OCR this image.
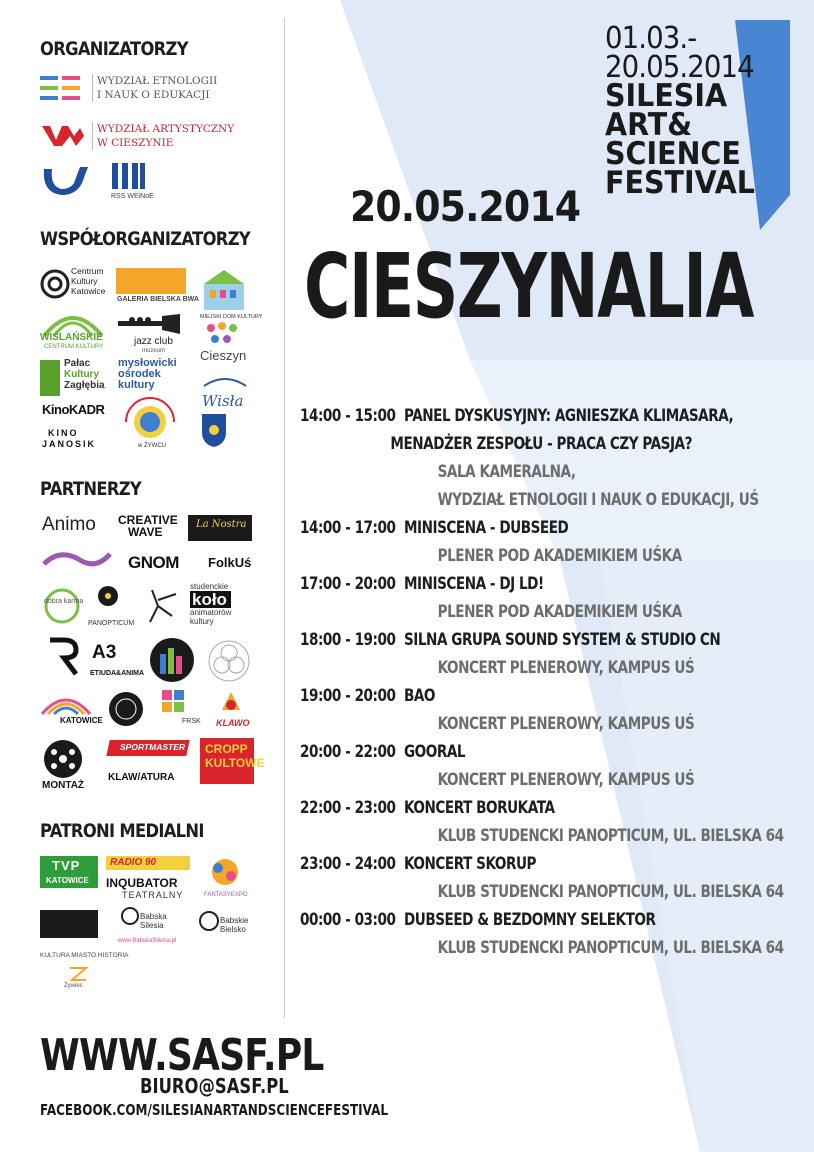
01.03.-
20.05.2014
SILESIA
ART&
SCIENCE
FESTIVAL
20.05.2014
CIESZYNALIA
ORGANIZATORZY
WYDZIAŁ ETNOLOGII
I NAUK O EDUKACJI
WYDZIAŁ ARTYSTYCZNY
W CIESZYNIE
RSS WEiNoE
WSPÓŁORGANIZATORZY
Centrum Kultury Katowice
GALERIA BIELSKA BWA
MIEJSKI DOM KULTURY
WIŚLAŃSKIE
CENTRUM KULTURY	jazz club
muzeum	Cieszyn
Pałac
Kultury
Zagłębia
mysłowicki
ośrodek
kultury
Wisła
KinoKADR
KINO
JANOSIK	w ŻYWCU
PARTNERZY
Animo CREATIVE
WAVE
La Nostra
GNOM FolkUś
dobra karma
PANOPTICUM
studenckie
koło
animatorów
kultury
A3
ETIUDA&ANIMA
KATOWICE	FRSK KLAWO
MONTAŻ
SPORTMASTER
KLAW/ATURA
CROPP
KULTOWE
PATRONI MEDIALNI
TVP
KATOWICE
RADIO 90
INQUBATOR
TEATRALNY	FANTASYEXPO
Babska Silesia
www.BabskaSilesia.pl
Babskie Bielsko
KULTURA MIASTO HISTORIA
Żywiec
14:00 - 15:00 PANEL DYSKUSYJNY: AGNIESZKA KLIMASARA,
MENADŻER ZESPOŁU - PRACA CZY PASJA?
SALA KAMERALNA,
WYDZIAŁ ETNOLOGII I NAUK O EDUKACJI, UŚ
14:00 - 17:00 MINISCENA - DUBSEED
PLENER POD AKADEMIKIEM UŚKA
17:00 - 20:00 MINISCENA - DJ LD!
PLENER POD AKADEMIKIEM UŚKA
18:00 - 19:00 SILNA GRUPA SOUND SYSTEM & STUDIO CN
KONCERT PLENEROWY, KAMPUS UŚ
19:00 - 20:00 BAO
KONCERT PLENEROWY, KAMPUS UŚ
20:00 - 22:00 GOORAL
KONCERT PLENEROWY, KAMPUS UŚ
22:00 - 23:00 KONCERT BORUKATA
KLUB STUDENCKI PANOPTICUM, UL. BIELSKA 64
23:00 - 24:00 KONCERT SKORUP
KLUB STUDENCKI PANOPTICUM, UL. BIELSKA 64
00:00 - 03:00 DUBSEED & BEZDOMNY SELEKTOR
KLUB STUDENCKI PANOPTICUM, UL. BIELSKA 64
WWW.SASF.PL
BIURO@SASF.PL
FACEBOOK.COM/SILESIANARTANDSCIENCEFESTIVAL
